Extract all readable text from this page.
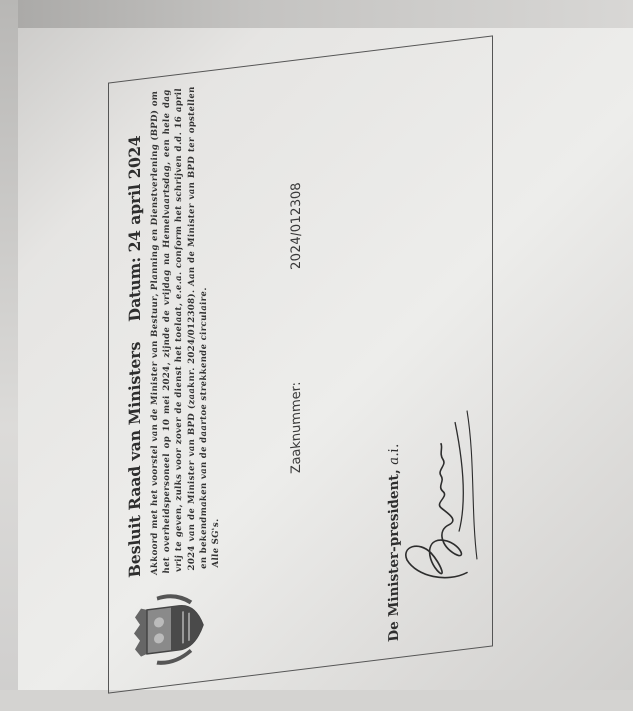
Besluit Raad van Ministers
Datum: 24 april 2024 Akkoord met het voorstel van de Minister van Bestuur, Planning en Dienstverlening (BPD) om het overheidspersoneel op 10 mei 2024, zijnde de vrijdag na Hemelvaartsdag, een hele dag vrij te geven, zulks voor zover de dienst het toelaat, e.e.a. conform het schrijven d.d. 16 april 2024 van de Minister van BPD (zaaknr. 2024/012308). Aan de Minister van BPD ter opstellen en bekendmaken van de daartoe strekkende circulaire. Alle SG's.
Zaaknummer:
2024/012308
De Minister-president, a.i.
